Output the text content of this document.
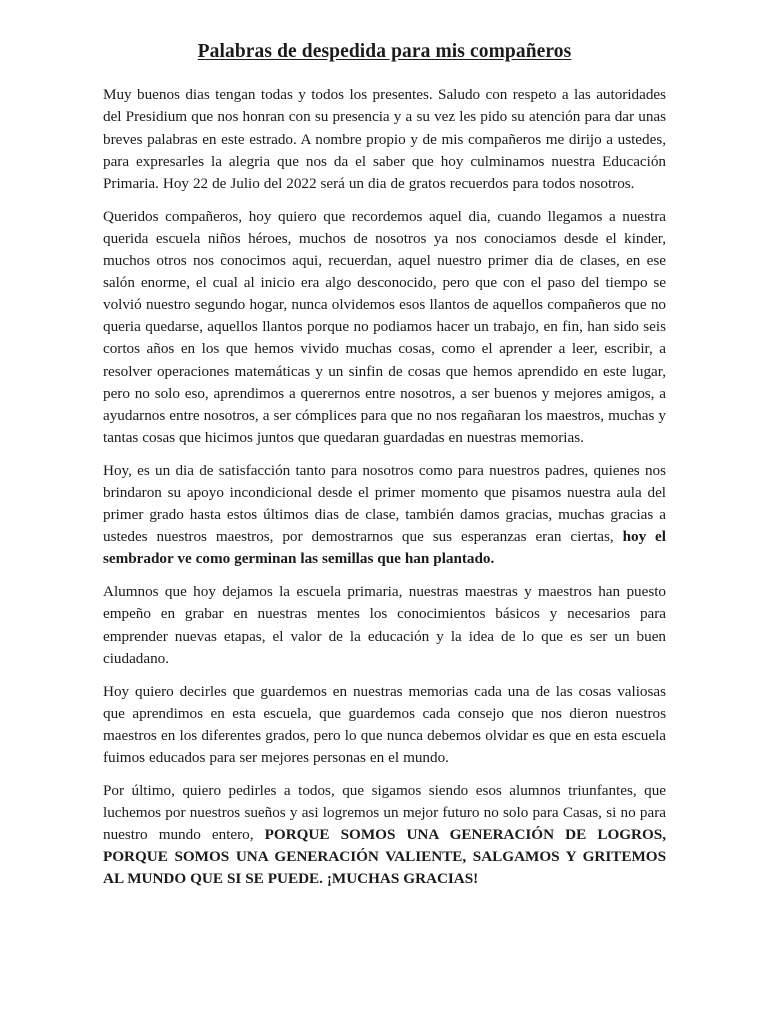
Palabras de despedida para mis compañeros

Muy buenos dias tengan todas y todos los presentes. Saludo con respeto a las autoridades del Presidium que nos honran con su presencia y a su vez les pido su atención para dar unas breves palabras en este estrado. A nombre propio y de mis compañeros me dirijo a ustedes, para expresarles la alegria que nos da el saber que hoy culminamos nuestra Educación Primaria. Hoy 22 de Julio del 2022 será un dia de gratos recuerdos para todos nosotros.

Queridos compañeros, hoy quiero que recordemos aquel dia, cuando llegamos a nuestra querida escuela niños héroes, muchos de nosotros ya nos conociamos desde el kinder, muchos otros nos conocimos aqui, recuerdan, aquel nuestro primer dia de clases, en ese salón enorme, el cual al inicio era algo desconocido, pero que con el paso del tiempo se volvió nuestro segundo hogar, nunca olvidemos esos llantos de aquellos compañeros que no queria quedarse, aquellos llantos porque no podiamos hacer un trabajo, en fin, han sido seis cortos años en los que hemos vivido muchas cosas, como el aprender a leer, escribir, a resolver operaciones matemáticas y un sinfin de cosas que hemos aprendido en este lugar, pero no solo eso, aprendimos a querernos entre nosotros, a ser buenos y mejores amigos, a ayudarnos entre nosotros, a ser cómplices para que no nos regañaran los maestros, muchas y tantas cosas que hicimos juntos que quedaran guardadas en nuestras memorias.

Hoy, es un dia de satisfacción tanto para nosotros como para nuestros padres, quienes nos brindaron su apoyo incondicional desde el primer momento que pisamos nuestra aula del primer grado hasta estos últimos dias de clase, también damos gracias, muchas gracias a ustedes nuestros maestros, por demostrarnos que sus esperanzas eran ciertas, hoy el sembrador ve como germinan las semillas que han plantado.

Alumnos que hoy dejamos la escuela primaria, nuestras maestras y maestros han puesto empeño en grabar en nuestras mentes los conocimientos básicos y necesarios para emprender nuevas etapas, el valor de la educación y la idea de lo que es ser un buen ciudadano.

Hoy quiero decirles que guardemos en nuestras memorias cada una de las cosas valiosas que aprendimos en esta escuela, que guardemos cada consejo que nos dieron nuestros maestros en los diferentes grados, pero lo que nunca debemos olvidar es que en esta escuela fuimos educados para ser mejores personas en el mundo.

Por último, quiero pedirles a todos, que sigamos siendo esos alumnos triunfantes, que luchemos por nuestros sueños y asi logremos un mejor futuro no solo para Casas, si no para nuestro mundo entero, PORQUE SOMOS UNA GENERACIÓN DE LOGROS, PORQUE SOMOS UNA GENERACIÓN VALIENTE, SALGAMOS Y GRITEMOS AL MUNDO QUE SI SE PUEDE. ¡MUCHAS GRACIAS!
